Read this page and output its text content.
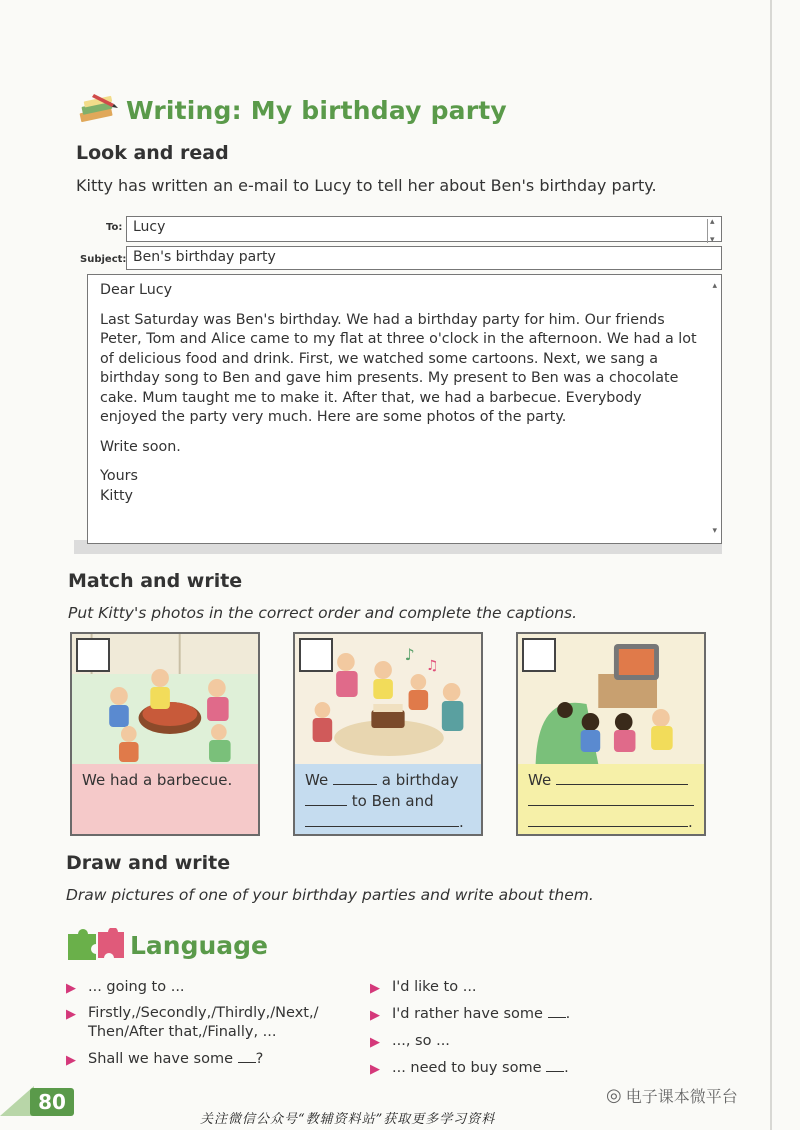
Writing: My birthday party
Look and read
Kitty has written an e-mail to Lucy to tell her about Ben's birthday party.
To: Lucy
▴ ▾
Subject: Ben's birthday party
▴

Dear Lucy

Last Saturday was Ben's birthday. We had a birthday party for him. Our friends Peter, Tom and Alice came to my flat at three o'clock in the afternoon. We had a lot of delicious food and drink. First, we watched some cartoons. Next, we sang a birthday song to Ben and gave him presents. My present to Ben was a chocolate cake. Mum taught me to make it. After that, we had a barbecue. Everybody enjoyed the party very much. Here are some photos of the party.

Write soon.

Yours
Kitty
▾
Match and write
Put Kitty's photos in the correct order and complete the captions.
We had a barbecue.
♪
♫
We	a birthday
to Ben and
.
We

.
Draw and write
Draw pictures of one of your birthday parties and write about them.
Language
▶ ... going to ...
▶ Firstly,/Secondly,/Thirdly,/Next,/
Then/After that,/Finally, ...
▶ Shall we have some ?
▶ I'd like to ...
▶ I'd rather have some .
▶ ..., so ...
▶ ... need to buy some .
80	◎ 电子课本微平台
关注微信公众号“教辅资料站”获取更多学习资料
